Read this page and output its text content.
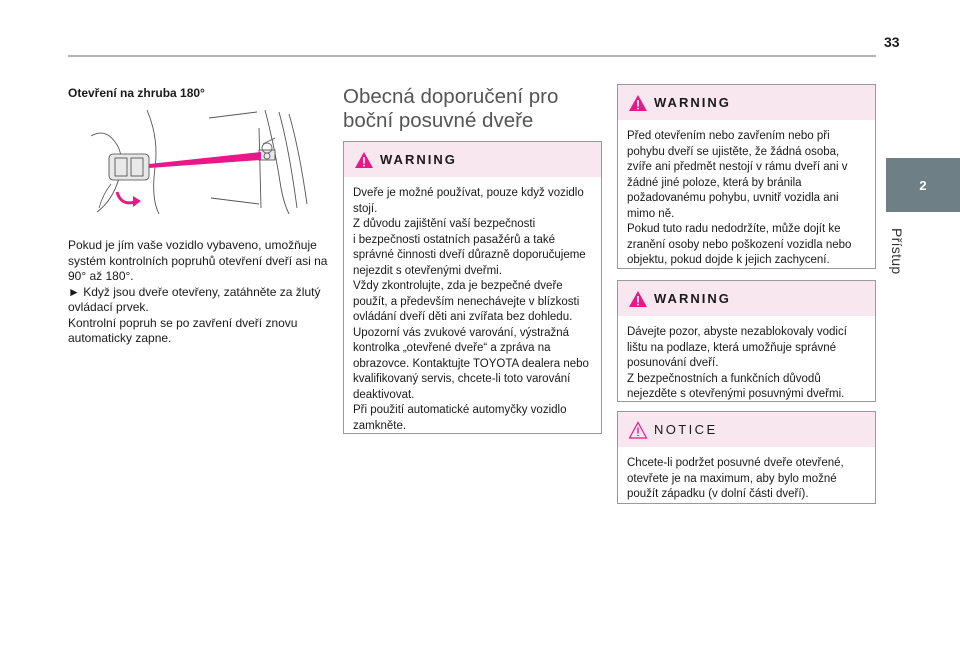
33
2
Přístup
Otevření na zhruba 180°
Pokud je jím vaše vozidlo vybaveno, umožňuje systém kontrolních popruhů otevření dveří asi na 90° až 180°.
► Když jsou dveře otevřeny, zatáhněte za žlutý ovládací prvek.
Kontrolní popruh se po zavření dveří znovu automaticky zapne.
Obecná doporučení pro
boční posuvné dveře
WARNING
Dveře je možné používat, pouze když vozidlo stojí.
Z důvodu zajištění vaší bezpečnosti
i bezpečnosti ostatních pasažérů a také správné činnosti dveří důrazně doporučujeme nejezdit s otevřenými dveřmi.
Vždy zkontrolujte, zda je bezpečné dveře použít, a především nenechávejte v blízkosti ovládání dveří děti ani zvířata bez dohledu.
Upozorní vás zvukové varování, výstražná kontrolka „otevřené dveře“ a zpráva na obrazovce. Kontaktujte TOYOTA dealera nebo kvalifikovaný servis, chcete-li toto varování deaktivovat.
Při použití automatické automyčky vozidlo zamkněte.
WARNING
Před otevřením nebo zavřením nebo při pohybu dveří se ujistěte, že žádná osoba, zvíře ani předmět nestojí v rámu dveří ani v žádné jiné poloze, která by bránila požadovanému pohybu, uvnitř vozidla ani mimo ně.
Pokud tuto radu nedodržíte, může dojít ke zranění osoby nebo poškození vozidla nebo objektu, pokud dojde k jejich zachycení.
WARNING
Dávejte pozor, abyste nezablokovaly vodicí lištu na podlaze, která umožňuje správné posunování dveří.
Z bezpečnostních a funkčních důvodů nejezděte s otevřenými posuvnými dveřmi.
NOTICE
Chcete-li podržet posuvné dveře otevřené, otevřete je na maximum, aby bylo možné použít západku (v dolní části dveří).
